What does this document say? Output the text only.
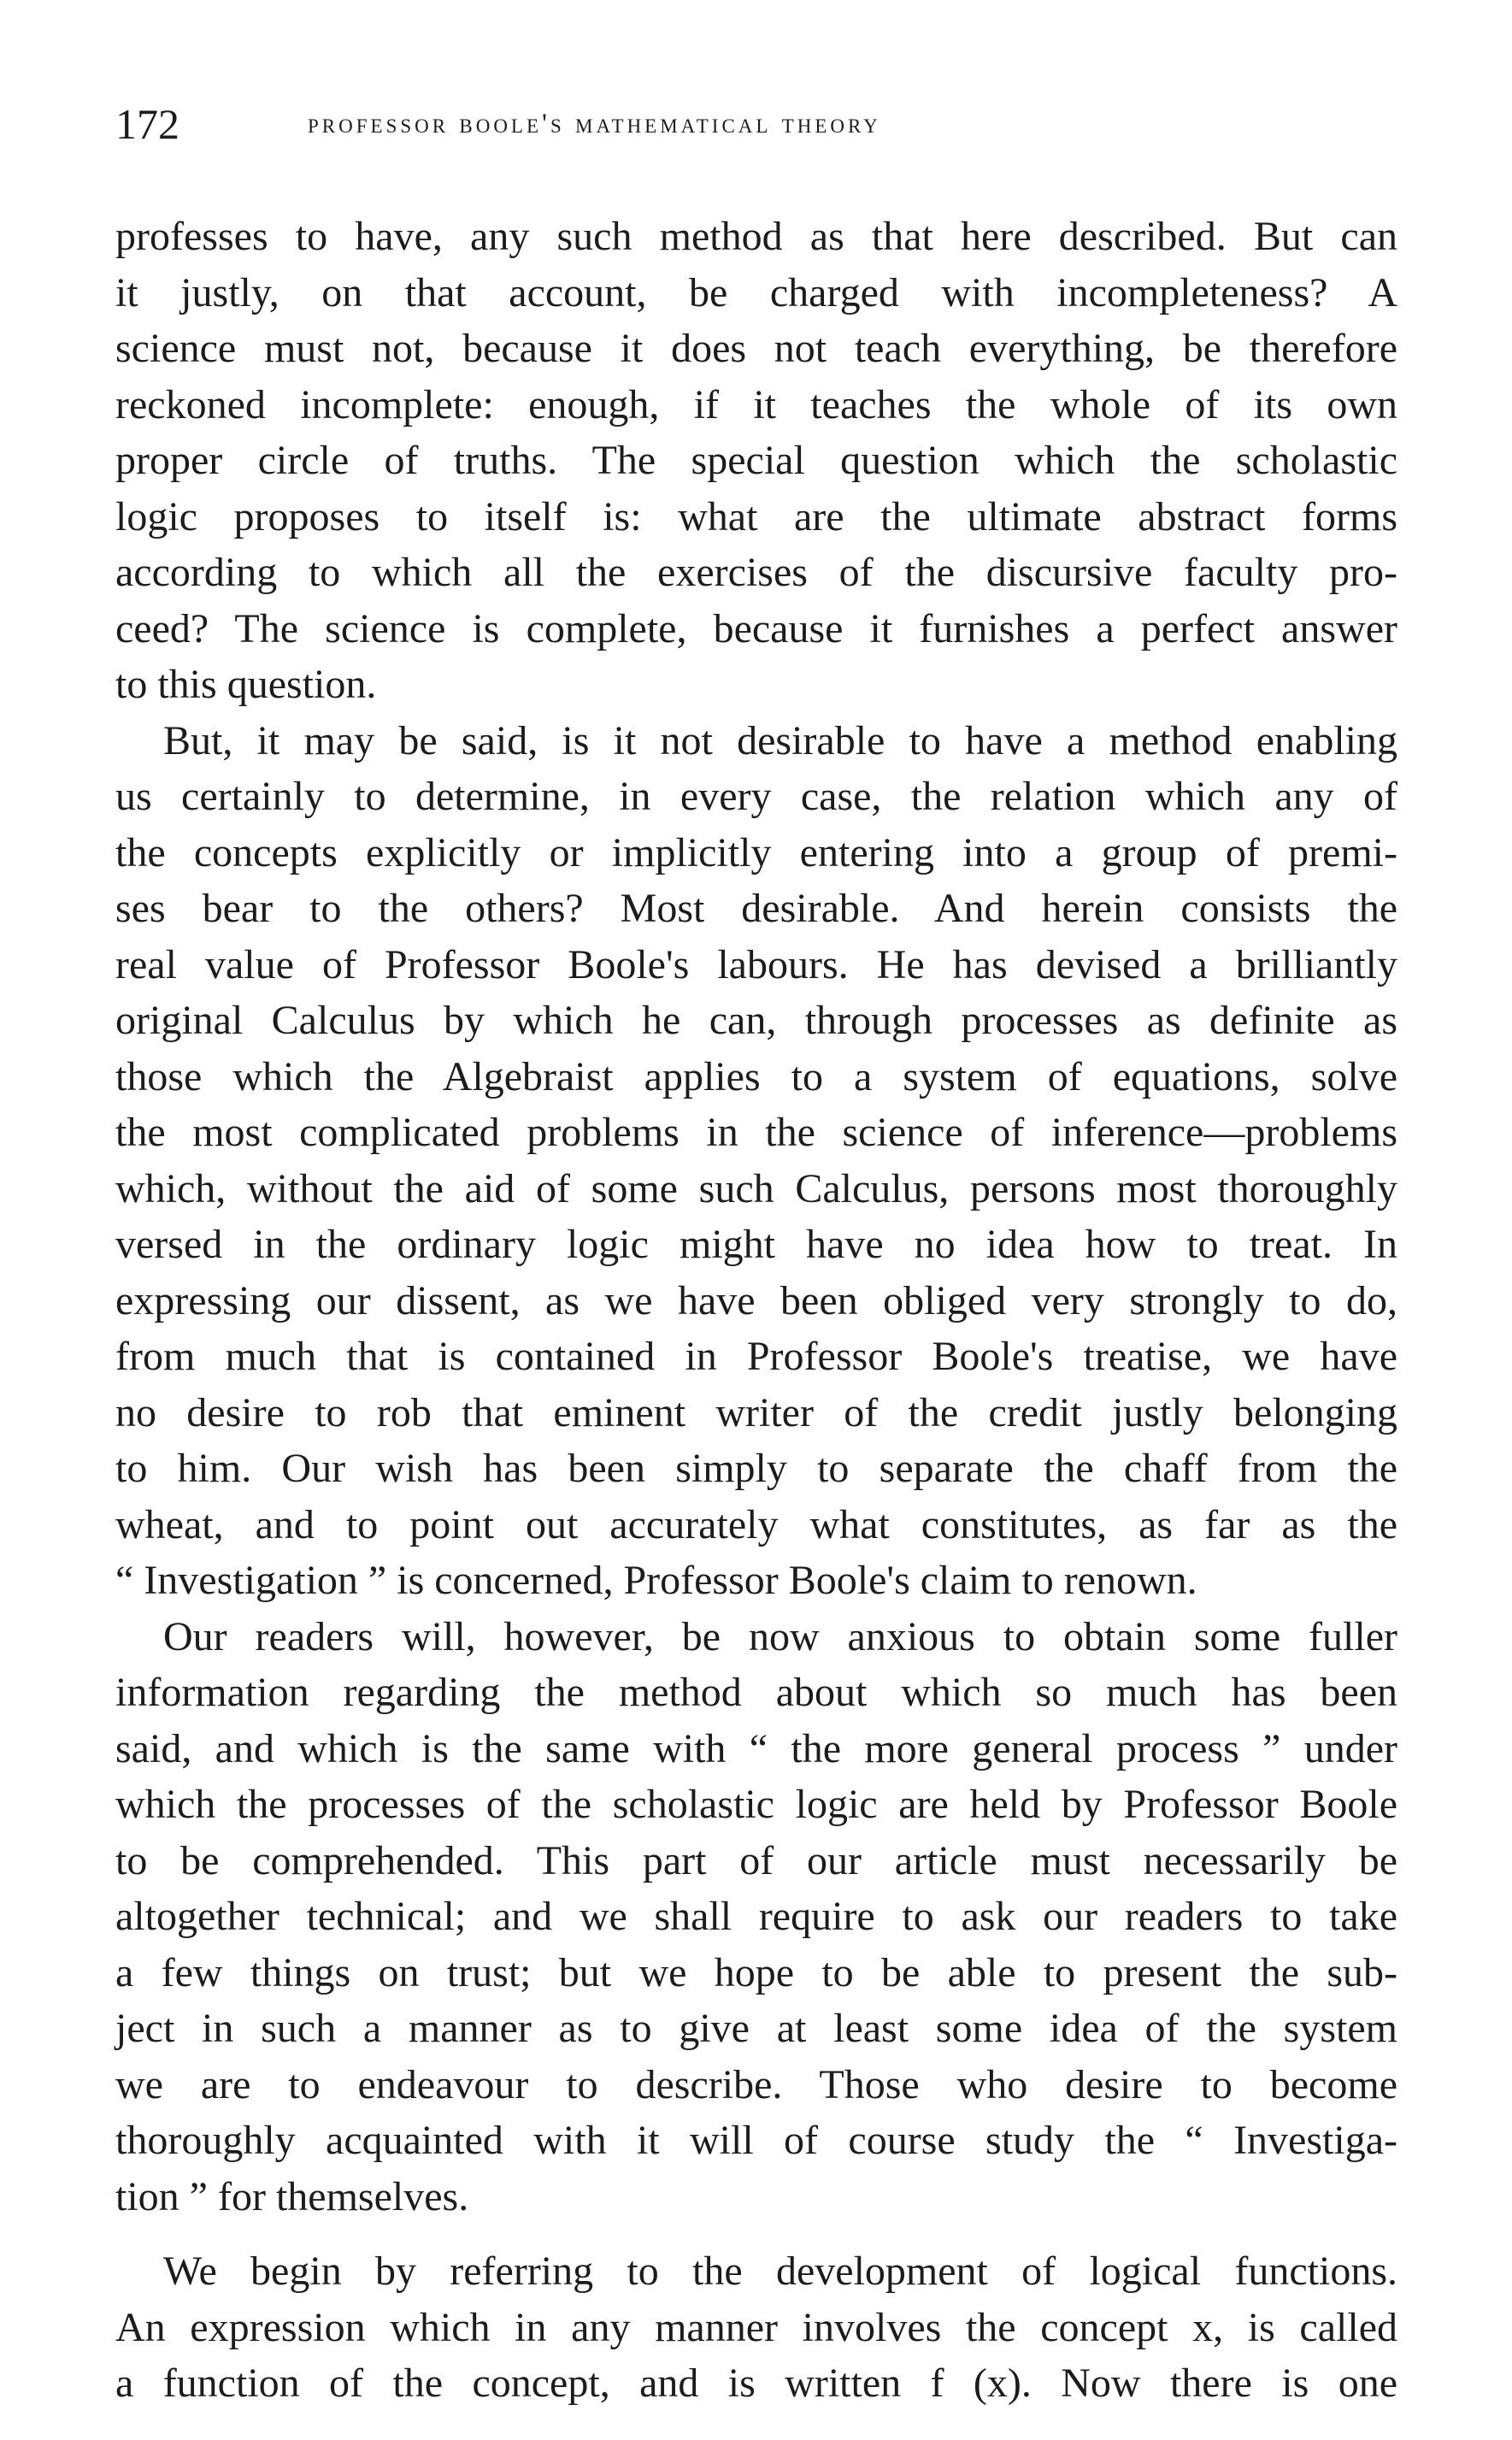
172	professor boole's mathematical theory
professes to have, any such method as that here described. But can
it justly, on that account, be charged with incompleteness? A
science must not, because it does not teach everything, be therefore
reckoned incomplete: enough, if it teaches the whole of its own
proper circle of truths. The special question which the scholastic
logic proposes to itself is: what are the ultimate abstract forms
according to which all the exercises of the discursive faculty pro-
ceed? The science is complete, because it furnishes a perfect answer
to this question.
But, it may be said, is it not desirable to have a method enabling
us certainly to determine, in every case, the relation which any of
the concepts explicitly or implicitly entering into a group of premi-
ses bear to the others? Most desirable. And herein consists the
real value of Professor Boole's labours. He has devised a brilliantly
original Calculus by which he can, through processes as definite as
those which the Algebraist applies to a system of equations, solve
the most complicated problems in the science of inference—problems
which, without the aid of some such Calculus, persons most thoroughly
versed in the ordinary logic might have no idea how to treat. In
expressing our dissent, as we have been obliged very strongly to do,
from much that is contained in Professor Boole's treatise, we have
no desire to rob that eminent writer of the credit justly belonging
to him. Our wish has been simply to separate the chaff from the
wheat, and to point out accurately what constitutes, as far as the
“ Investigation ” is concerned, Professor Boole's claim to renown.
Our readers will, however, be now anxious to obtain some fuller
information regarding the method about which so much has been
said, and which is the same with “ the more general process ” under
which the processes of the scholastic logic are held by Professor Boole
to be comprehended. This part of our article must necessarily be
altogether technical; and we shall require to ask our readers to take
a few things on trust; but we hope to be able to present the sub-
ject in such a manner as to give at least some idea of the system
we are to endeavour to describe. Those who desire to become
thoroughly acquainted with it will of course study the “ Investiga-
tion ” for themselves.
We begin by referring to the development of logical functions.
An expression which in any manner involves the concept x, is called
a function of the concept, and is written f (x). Now there is one
